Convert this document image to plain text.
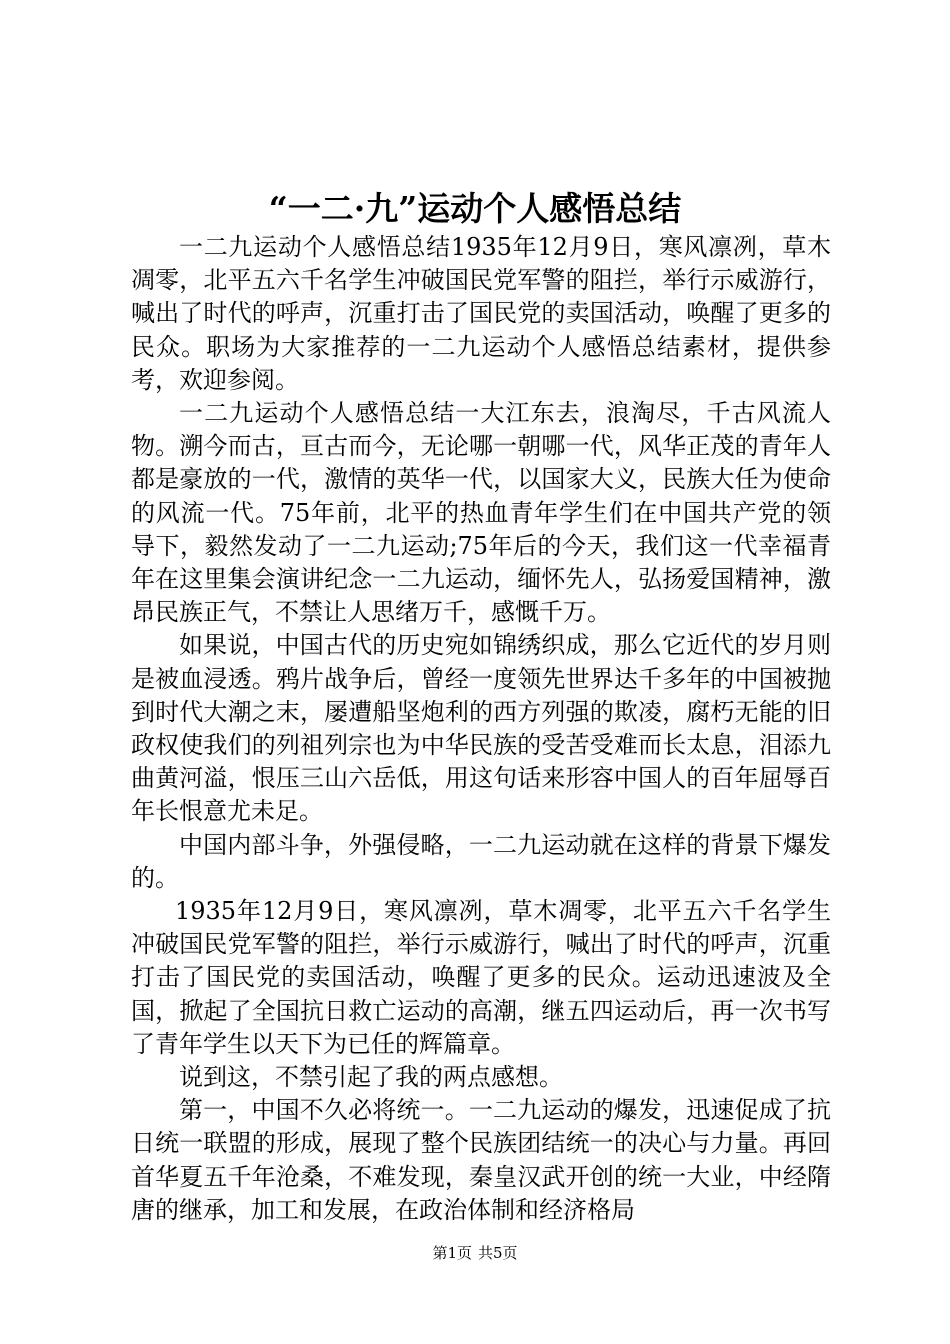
“一二·九”运动个人感悟总结

一二九运动个人感悟总结1935年12月9日，寒风凛冽，草木凋零，北平五六千名学生冲破国民党军警的阻拦，举行示威游行，喊出了时代的呼声，沉重打击了国民党的卖国活动，唤醒了更多的民众。职场为大家推荐的一二九运动个人感悟总结素材，提供参考，欢迎参阅。

一二九运动个人感悟总结一大江东去，浪淘尽，千古风流人物。溯今而古，亘古而今，无论哪一朝哪一代，风华正茂的青年人都是豪放的一代，激情的英华一代，以国家大义，民族大任为使命的风流一代。75年前，北平的热血青年学生们在中国共产党的领导下，毅然发动了一二九运动;75年后的今天，我们这一代幸福青年在这里集会演讲纪念一二九运动，缅怀先人，弘扬爱国精神，激昂民族正气，不禁让人思绪万千，感慨千万。

如果说，中国古代的历史宛如锦绣织成，那么它近代的岁月则是被血浸透。鸦片战争后，曾经一度领先世界达千多年的中国被抛到时代大潮之末，屡遭船坚炮利的西方列强的欺凌，腐朽无能的旧政权使我们的列祖列宗也为中华民族的受苦受难而长太息，泪添九曲黄河溢，恨压三山六岳低，用这句话来形容中国人的百年屈辱百年长恨意尤未足。

中国内部斗争，外强侵略，一二九运动就在这样的背景下爆发的。

1935年12月9日，寒风凛冽，草木凋零，北平五六千名学生冲破国民党军警的阻拦，举行示威游行，喊出了时代的呼声，沉重打击了国民党的卖国活动，唤醒了更多的民众。运动迅速波及全国，掀起了全国抗日救亡运动的高潮，继五四运动后，再一次书写了青年学生以天下为已任的辉篇章。

说到这，不禁引起了我的两点感想。

第一，中国不久必将统一。一二九运动的爆发，迅速促成了抗日统一联盟的形成，展现了整个民族团结统一的决心与力量。再回首华夏五千年沧桑，不难发现，秦皇汉武开创的统一大业，中经隋唐的继承，加工和发展，在政治体制和经济格局

第1页 共5页
